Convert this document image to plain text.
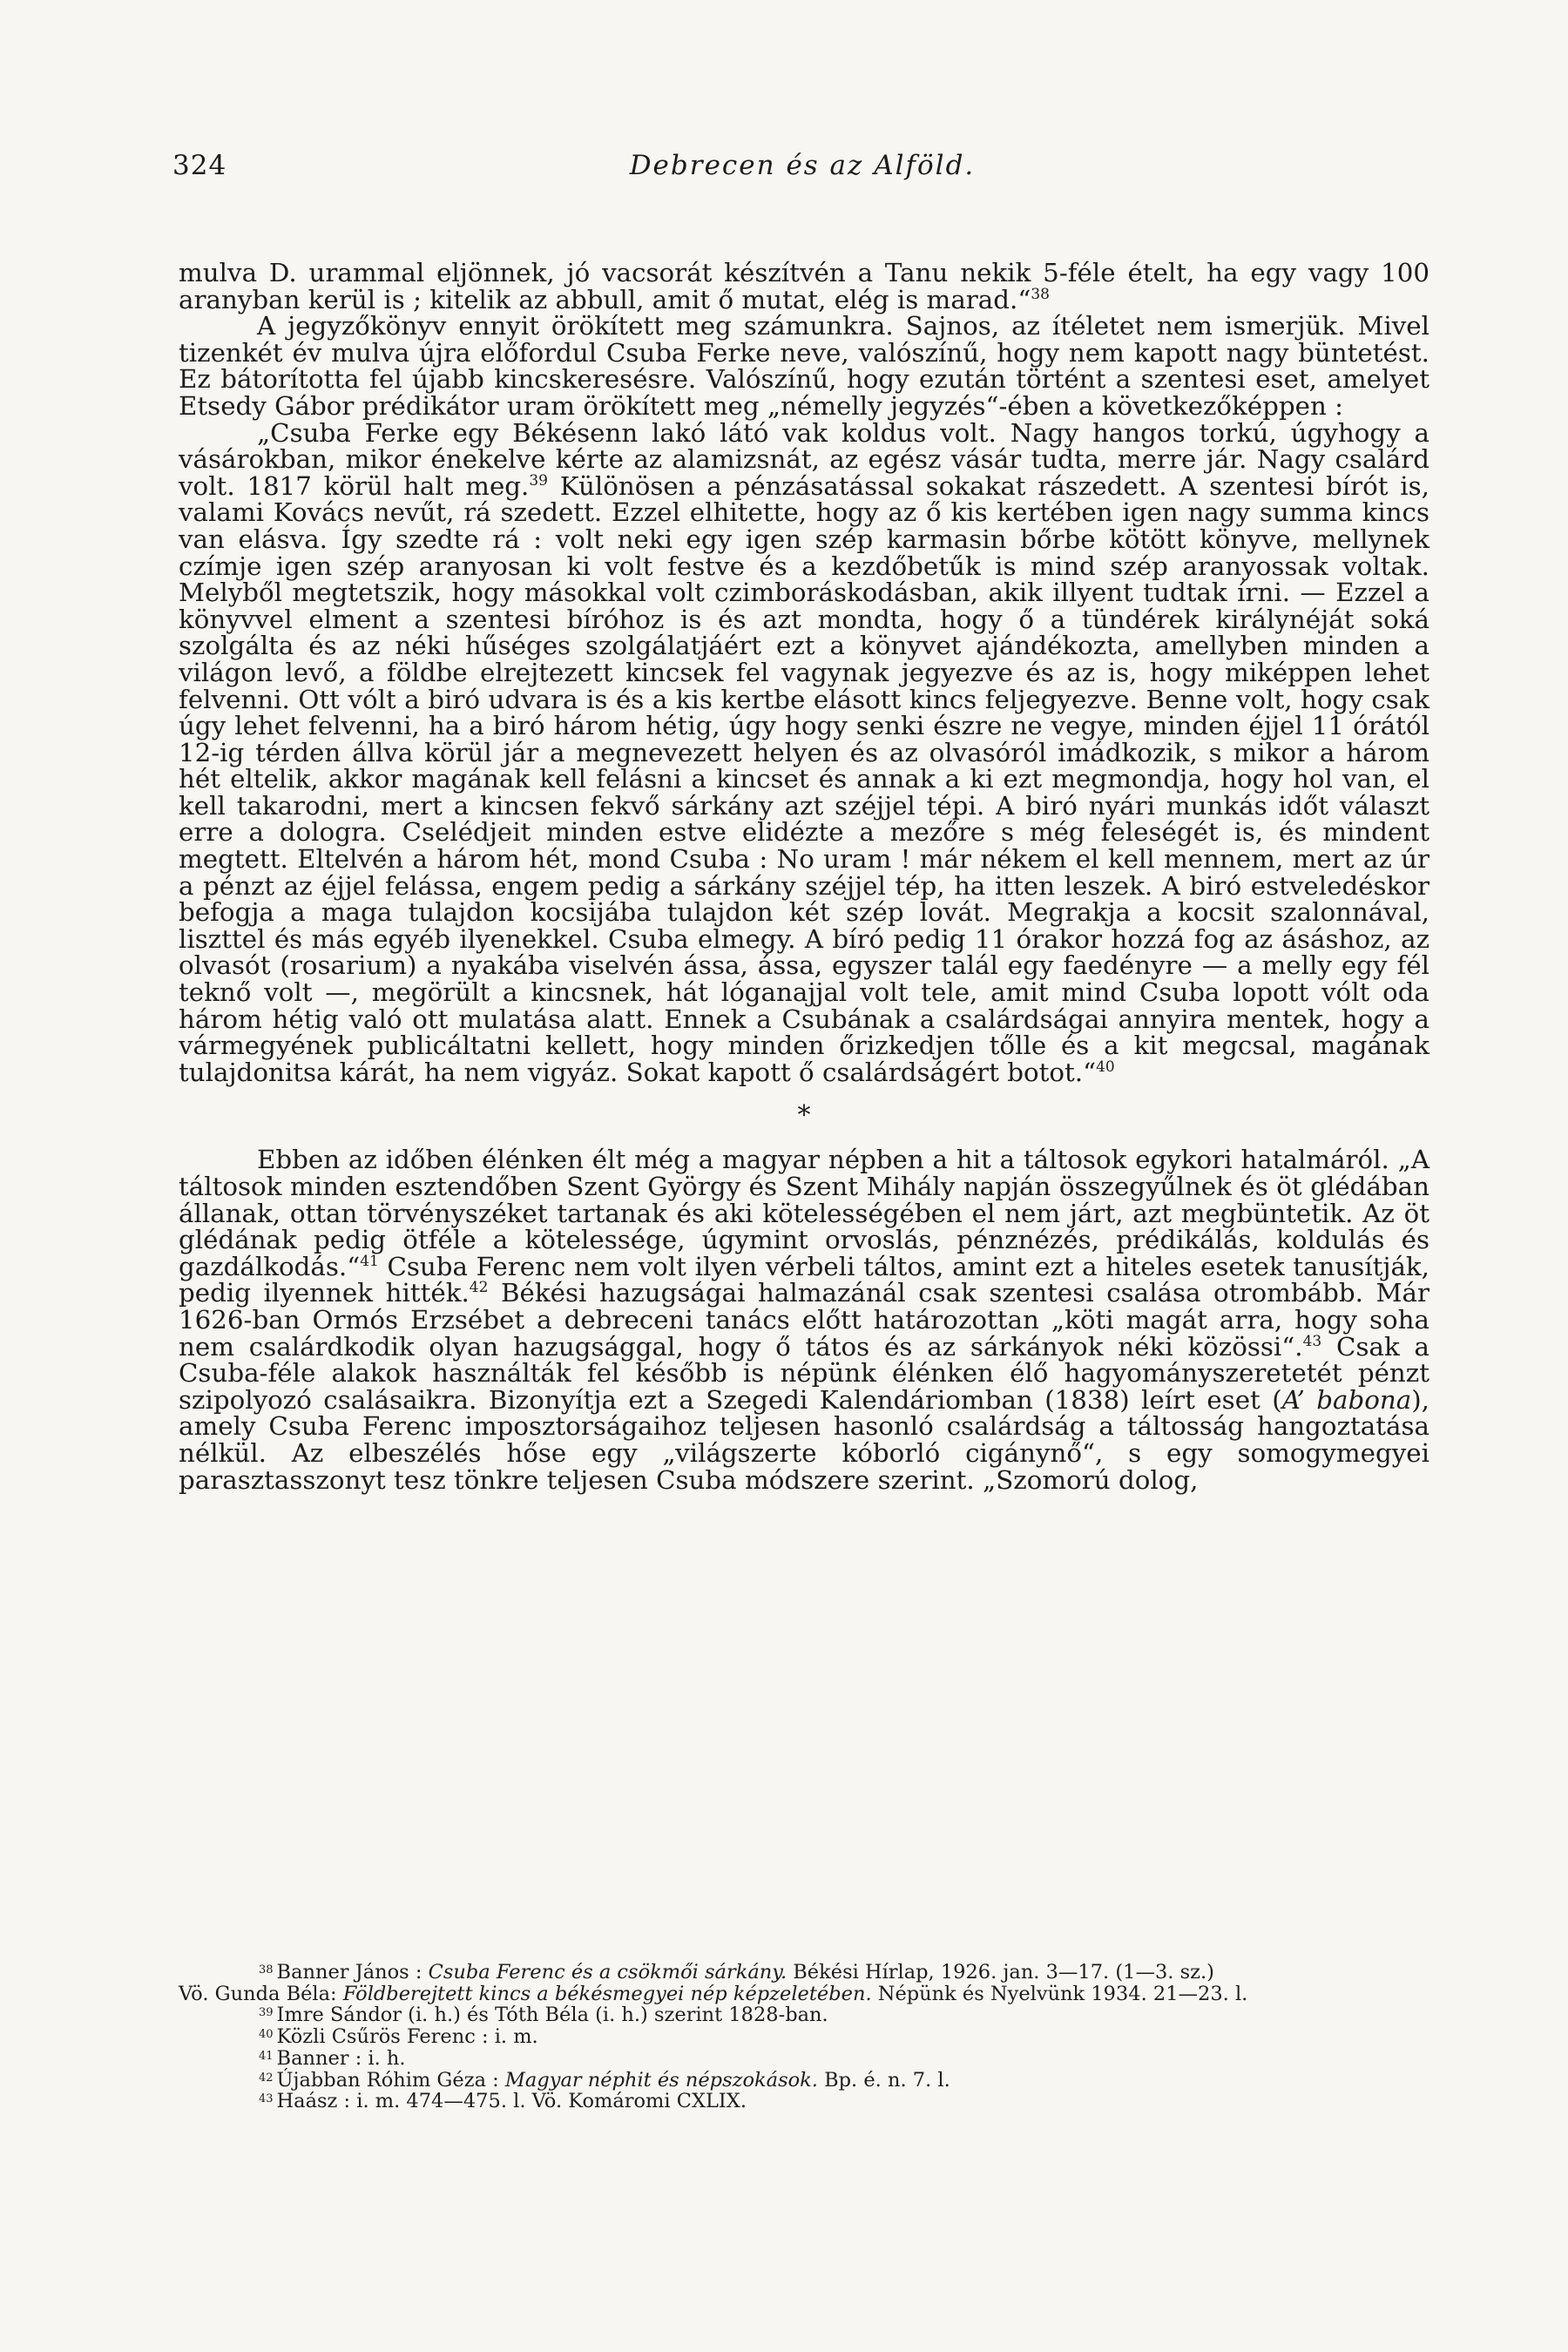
324	Debrecen és az Alföld.

mulva D. urammal eljönnek, jó vacsorát készítvén a Tanu nekik 5-féle ételt, ha egy vagy 100 aranyban kerül is ; kitelik az abbull, amit ő mutat, elég is marad.“$^{38}$

A jegyzőkönyv ennyit örökített meg számunkra. Sajnos, az ítéletet nem ismerjük. Mivel tizenkét év mulva újra előfordul Csuba Ferke neve, valószínű, hogy nem kapott nagy büntetést. Ez bátorította fel újabb kincskeresésre. Valószínű, hogy ezután történt a szentesi eset, amelyet Etsedy Gábor prédikátor uram örökített meg „némelly jegyzés“-ében a következőképpen :

„Csuba Ferke egy Békésenn lakó látó vak koldus volt. Nagy hangos torkú, úgyhogy a vásárokban, mikor énekelve kérte az alamizsnát, az egész vásár tudta, merre jár. Nagy csalárd volt. 1817 körül halt meg.$^{39}$ Különösen a pénzásatással sokakat rászedett. A szentesi bírót is, valami Kovács nevűt, rá szedett. Ezzel elhitette, hogy az ő kis kertében igen nagy summa kincs van elásva. Így szedte rá : volt neki egy igen szép karmasin bőrbe kötött könyve, mellynek czímje igen szép aranyosan ki volt festve és a kezdőbetűk is mind szép aranyossak voltak. Melyből megtetszik, hogy másokkal volt czimboráskodásban, akik illyent tudtak írni. — Ezzel a könyvvel elment a szentesi bíróhoz is és azt mondta, hogy ő a tündérek királynéját soká szolgálta és az néki hűséges szolgálatjáért ezt a könyvet ajándékozta, amellyben minden a világon levő, a földbe elrejtezett kincsek fel vagynak jegyezve és az is, hogy miképpen lehet felvenni. Ott vólt a biró udvara is és a kis kertbe elásott kincs feljegyezve. Benne volt, hogy csak úgy lehet felvenni, ha a biró három hétig, úgy hogy senki észre ne vegye, minden éjjel 11 órától 12-ig térden állva körül jár a megnevezett helyen és az olvasóról imádkozik, s mikor a három hét eltelik, akkor magának kell felásni a kincset és annak a ki ezt megmondja, hogy hol van, el kell takarodni, mert a kincsen fekvő sárkány azt széjjel tépi. A biró nyári munkás időt választ erre a dologra. Cselédjeit minden estve elidézte a mezőre s még feleségét is, és mindent megtett. Eltelvén a három hét, mond Csuba : No uram ! már nékem el kell mennem, mert az úr a pénzt az éjjel felássa, engem pedig a sárkány széjjel tép, ha itten leszek. A biró estveledéskor befogja a maga tulajdon kocsijába tulajdon két szép lovát. Megrakja a kocsit szalonnával, liszttel és más egyéb ilyenekkel. Csuba elmegy. A bíró pedig 11 órakor hozzá fog az ásáshoz, az olvasót (rosarium) a nyakába viselvén ássa, ássa, egyszer talál egy faedényre — a melly egy fél teknő volt —, megörült a kincsnek, hát lóganajjal volt tele, amit mind Csuba lopott vólt oda három hétig való ott mulatása alatt. Ennek a Csubának a csalárdságai annyira mentek, hogy a vármegyének publicáltatni kellett, hogy minden őrizkedjen tőlle és a kit megcsal, magának tulajdonitsa kárát, ha nem vigyáz. Sokat kapott ő csalárdságért botot.“$^{40}$

*

Ebben az időben élénken élt még a magyar népben a hit a táltosok egykori hatalmáról. „A táltosok minden esztendőben Szent György és Szent Mihály napján összegyűlnek és öt glédában állanak, ottan törvényszéket tartanak és aki kötelességében el nem járt, azt megbüntetik. Az öt glédának pedig ötféle a kötelessége, úgymint orvoslás, pénznézés, prédikálás, koldulás és gazdálkodás.“$^{41}$ Csuba Ferenc nem volt ilyen vérbeli táltos, amint ezt a hiteles esetek tanusítják, pedig ilyennek hitték.$^{42}$ Békési hazugságai halmazánál csak szentesi csalása otrombább. Már 1626-ban Ormós Erzsébet a debreceni tanács előtt határozottan „köti magát arra, hogy soha nem csalárdkodik olyan hazugsággal, hogy ő tátos és az sárkányok néki közössi“.$^{43}$ Csak a Csuba-féle alakok használták fel később is népünk élénken élő hagyományszeretetét pénzt szipolyozó csalásaikra. Bizonyítja ezt a Szegedi Kalendáriomban (1838) leírt eset (A’ babona), amely Csuba Ferenc imposztorságaihoz teljesen hasonló csalárdság a táltosság hangoztatása nélkül. Az elbeszélés hőse egy „világszerte kóborló cigánynő“, s egy somogymegyei parasztasszonyt tesz tönkre teljesen Csuba módszere szerint. „Szomorú dolog,

$^{38}$ Banner János : Csuba Ferenc és a csökmői sárkány. Békési Hírlap, 1926. jan. 3—17. (1—3. sz.)

Vö. Gunda Béla: Földberejtett kincs a békésmegyei nép képzeletében. Népünk és Nyelvünk 1934. 21—23. l.

$^{39}$ Imre Sándor (i. h.) és Tóth Béla (i. h.) szerint 1828-ban.

$^{40}$ Közli Csűrös Ferenc : i. m.

$^{41}$ Banner : i. h.

$^{42}$ Újabban Róhim Géza : Magyar néphit és népszokások. Bp. é. n. 7. l.

$^{43}$ Haász : i. m. 474—475. l. Vö. Komáromi CXLIX.
